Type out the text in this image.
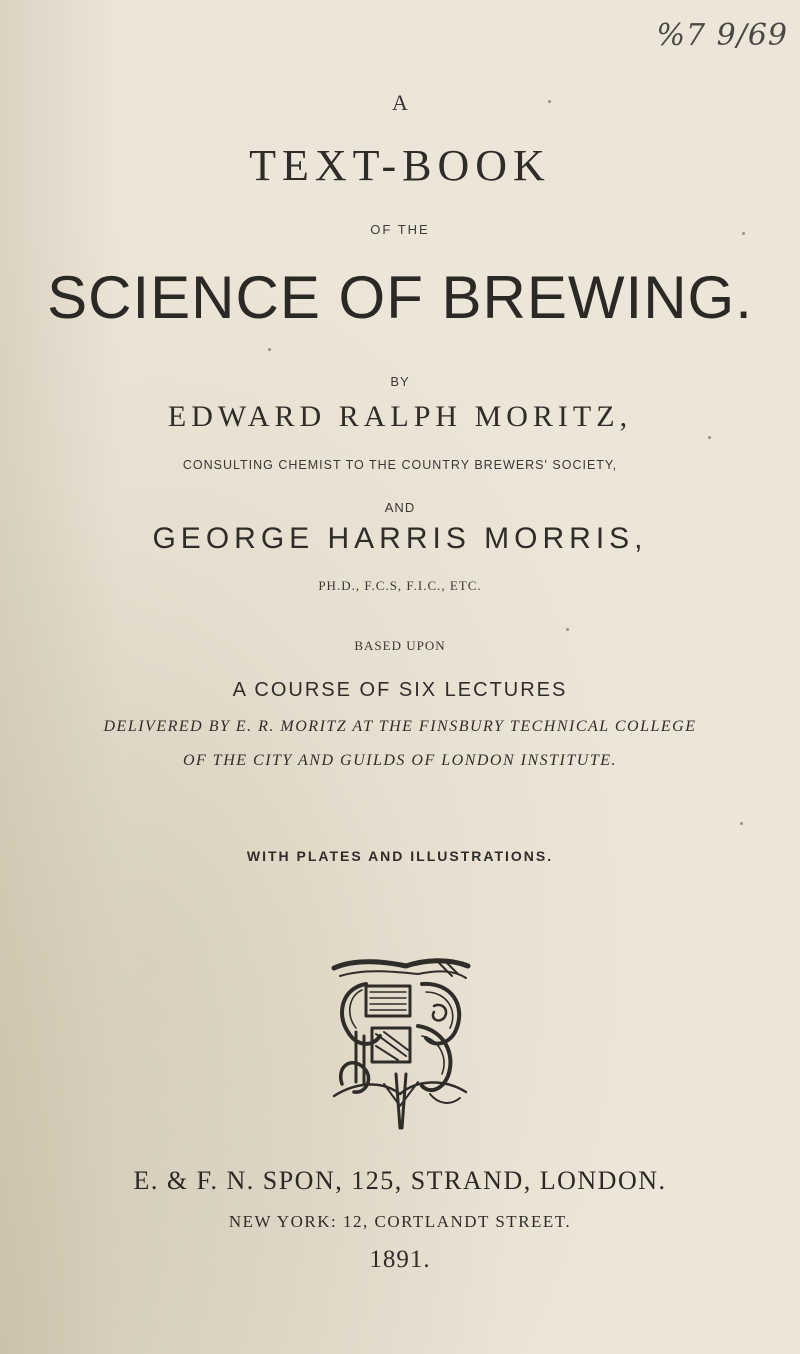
%7 9/69
A
TEXT-BOOK
OF THE
SCIENCE OF BREWING.
BY
EDWARD RALPH MORITZ,
CONSULTING CHEMIST TO THE COUNTRY BREWERS' SOCIETY,
AND
GEORGE HARRIS MORRIS,
PH.D., F.C.S, F.I.C., ETC.
BASED UPON
A COURSE OF SIX LECTURES
DELIVERED BY E. R. MORITZ AT THE FINSBURY TECHNICAL COLLEGE
OF THE CITY AND GUILDS OF LONDON INSTITUTE.
WITH PLATES AND ILLUSTRATIONS.
E. & F. N. SPON, 125, STRAND, LONDON.
NEW YORK: 12, CORTLANDT STREET.
1891.
